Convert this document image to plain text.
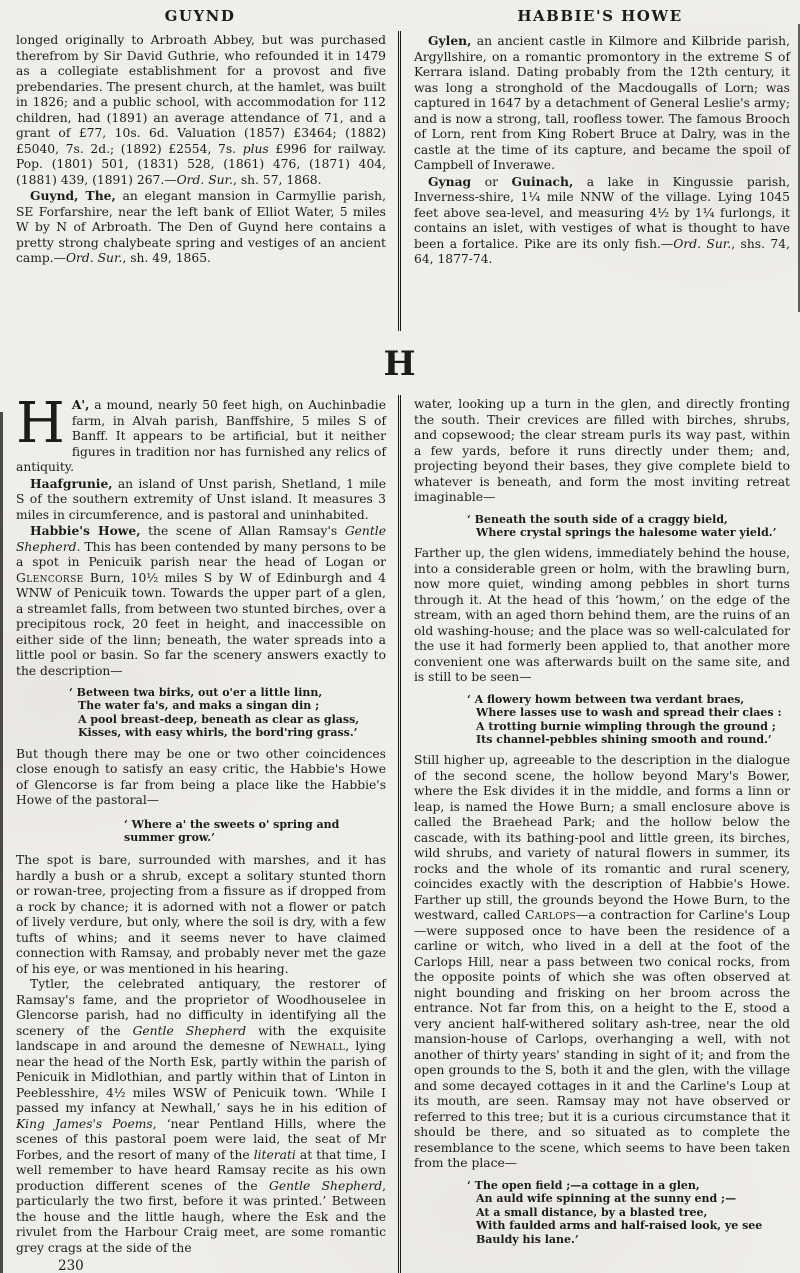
GUYND	HABBIE'S HOWE

longed originally to Arbroath Abbey, but was purchased therefrom by Sir David Guthrie, who refounded it in 1479 as a collegiate establishment for a provost and five prebendaries. The present church, at the hamlet, was built in 1826; and a public school, with accommodation for 112 children, had (1891) an average attendance of 71, and a grant of £77, 10s. 6d. Valuation (1857) £3464; (1882) £5040, 7s. 2d.; (1892) £2554, 7s. plus £996 for railway. Pop. (1801) 501, (1831) 528, (1861) 476, (1871) 404, (1881) 439, (1891) 267.—Ord. Sur., sh. 57, 1868.

Guynd, The, an elegant mansion in Carmyllie parish, SE Forfarshire, near the left bank of Elliot Water, 5 miles W by N of Arbroath. The Den of Guynd here contains a pretty strong chalybeate spring and vestiges of an ancient camp.—Ord. Sur., sh. 49, 1865.

Gylen, an ancient castle in Kilmore and Kilbride parish, Argyllshire, on a romantic promontory in the extreme S of Kerrara island. Dating probably from the 12th century, it was long a stronghold of the Macdougalls of Lorn; was captured in 1647 by a detachment of General Leslie's army; and is now a strong, tall, roofless tower. The famous Brooch of Lorn, rent from King Robert Bruce at Dalry, was in the castle at the time of its capture, and became the spoil of Campbell of Inverawe.

Gynag or Guinach, a lake in Kingussie parish, Inverness-shire, 1¼ mile NNW of the village. Lying 1045 feet above sea-level, and measuring 4½ by 1¼ furlongs, it contains an islet, with vestiges of what is thought to have been a fortalice. Pike are its only fish.—Ord. Sur., shs. 74, 64, 1877-74.

H

H A', a mound, nearly 50 feet high, on Auchinbadie farm, in Alvah parish, Banffshire, 5 miles S of Banff. It appears to be artificial, but it neither figures in tradition nor has furnished any relics of antiquity.

Haafgrunie, an island of Unst parish, Shetland, 1 mile S of the southern extremity of Unst island. It measures 3 miles in circumference, and is pastoral and uninhabited.

Habbie's Howe, the scene of Allan Ramsay's Gentle Shepherd. This has been contended by many persons to be a spot in Penicuik parish near the head of Logan or Glencorse Burn, 10½ miles S by W of Edinburgh and 4 WNW of Penicuik town. Towards the upper part of a glen, a streamlet falls, from between two stunted birches, over a precipitous rock, 20 feet in height, and inaccessible on either side of the linn; beneath, the water spreads into a little pool or basin. So far the scenery answers exactly to the description—

‘ Between twa birks, out o'er a little linn,
The water fa's, and maks a singan din ;
A pool breast-deep, beneath as clear as glass,
Kisses, with easy whirls, the bord'ring grass.’

But though there may be one or two other coincidences close enough to satisfy an easy critic, the Habbie's Howe of Glencorse is far from being a place like the Habbie's Howe of the pastoral—

‘ Where a' the sweets o' spring and summer grow.’

The spot is bare, surrounded with marshes, and it has hardly a bush or a shrub, except a solitary stunted thorn or rowan-tree, projecting from a fissure as if dropped from a rock by chance; it is adorned with not a flower or patch of lively verdure, but only, where the soil is dry, with a few tufts of whins; and it seems never to have claimed connection with Ramsay, and probably never met the gaze of his eye, or was mentioned in his hearing.

Tytler, the celebrated antiquary, the restorer of Ramsay's fame, and the proprietor of Woodhouselee in Glencorse parish, had no difficulty in identifying all the scenery of the Gentle Shepherd with the exquisite landscape in and around the demesne of Newhall, lying near the head of the North Esk, partly within the parish of Penicuik in Midlothian, and partly within that of Linton in Peeblesshire, 4½ miles WSW of Penicuik town. ‘While I passed my infancy at Newhall,’ says he in his edition of King James's Poems, ‘near Pentland Hills, where the scenes of this pastoral poem were laid, the seat of Mr Forbes, and the resort of many of the literati at that time, I well remember to have heard Ramsay recite as his own production different scenes of the Gentle Shepherd, particularly the two first, before it was printed.’ Between the house and the little haugh, where the Esk and the rivulet from the Harbour Craig meet, are some romantic grey crags at the side of the

230

water, looking up a turn in the glen, and directly fronting the south. Their crevices are filled with birches, shrubs, and copsewood; the clear stream purls its way past, within a few yards, before it runs directly under them; and, projecting beyond their bases, they give complete bield to whatever is beneath, and form the most inviting retreat imaginable—

‘ Beneath the south side of a craggy bield,
Where crystal springs the halesome water yield.’

Farther up, the glen widens, immediately behind the house, into a considerable green or holm, with the brawling burn, now more quiet, winding among pebbles in short turns through it. At the head of this ‘howm,’ on the edge of the stream, with an aged thorn behind them, are the ruins of an old washing-house; and the place was so well-calculated for the use it had formerly been applied to, that another more convenient one was afterwards built on the same site, and is still to be seen—

‘ A flowery howm between twa verdant braes,
Where lasses use to wash and spread their claes :
A trotting burnie wimpling through the ground ;
Its channel-pebbles shining smooth and round.’

Still higher up, agreeable to the description in the dialogue of the second scene, the hollow beyond Mary's Bower, where the Esk divides it in the middle, and forms a linn or leap, is named the Howe Burn; a small enclosure above is called the Braehead Park; and the hollow below the cascade, with its bathing-pool and little green, its birches, wild shrubs, and variety of natural flowers in summer, its rocks and the whole of its romantic and rural scenery, coincides exactly with the description of Habbie's Howe. Farther up still, the grounds beyond the Howe Burn, to the westward, called Carlops—a contraction for Carline's Loup—were supposed once to have been the residence of a carline or witch, who lived in a dell at the foot of the Carlops Hill, near a pass between two conical rocks, from the opposite points of which she was often observed at night bounding and frisking on her broom across the entrance. Not far from this, on a height to the E, stood a very ancient half-withered solitary ash-tree, near the old mansion-house of Carlops, overhanging a well, with not another of thirty years' standing in sight of it; and from the open grounds to the S, both it and the glen, with the village and some decayed cottages in it and the Carline's Loup at its mouth, are seen. Ramsay may not have observed or referred to this tree; but it is a curious circumstance that it should be there, and so situated as to complete the resemblance to the scene, which seems to have been taken from the place—

‘ The open field ;—a cottage in a glen,
An auld wife spinning at the sunny end ;—
At a small distance, by a blasted tree,
With faulded arms and half-raised look, ye see
Bauldy his lane.’
